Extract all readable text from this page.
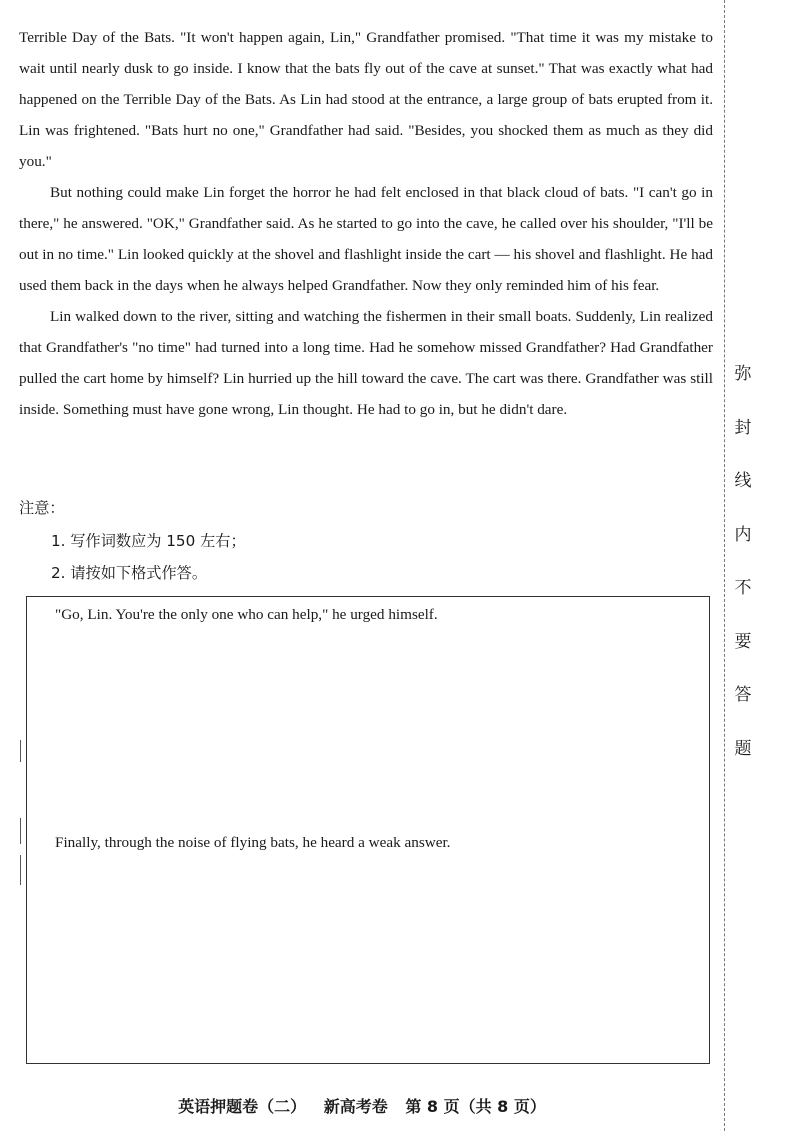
Terrible Day of the Bats. "It won't happen again, Lin," Grandfather promised. "That time it was my mistake to wait until nearly dusk to go inside. I know that the bats fly out of the cave at sunset." That was exactly what had happened on the Terrible Day of the Bats. As Lin had stood at the entrance, a large group of bats erupted from it. Lin was frightened. "Bats hurt no one," Grandfather had said. "Besides, you shocked them as much as they did you."

But nothing could make Lin forget the horror he had felt enclosed in that black cloud of bats. "I can't go in there," he answered. "OK," Grandfather said. As he started to go into the cave, he called over his shoulder, "I'll be out in no time." Lin looked quickly at the shovel and flashlight inside the cart — his shovel and flashlight. He had used them back in the days when he always helped Grandfather. Now they only reminded him of his fear.

Lin walked down to the river, sitting and watching the fishermen in their small boats. Suddenly, Lin realized that Grandfather's "no time" had turned into a long time. Had he somehow missed Grandfather? Had Grandfather pulled the cart home by himself? Lin hurried up the hill toward the cave. The cart was there. Grandfather was still inside. Something must have gone wrong, Lin thought. He had to go in, but he didn't dare.

注意：
1. 写作词数应为 150 左右；
2. 请按如下格式作答。
"Go, Lin. You're the only one who can help," he urged himself.
Finally, through the noise of flying bats, he heard a weak answer.
弥
封
线
内
不
要
答
题
英语押题卷（二） 新高考卷 第 8 页（共 8 页）
